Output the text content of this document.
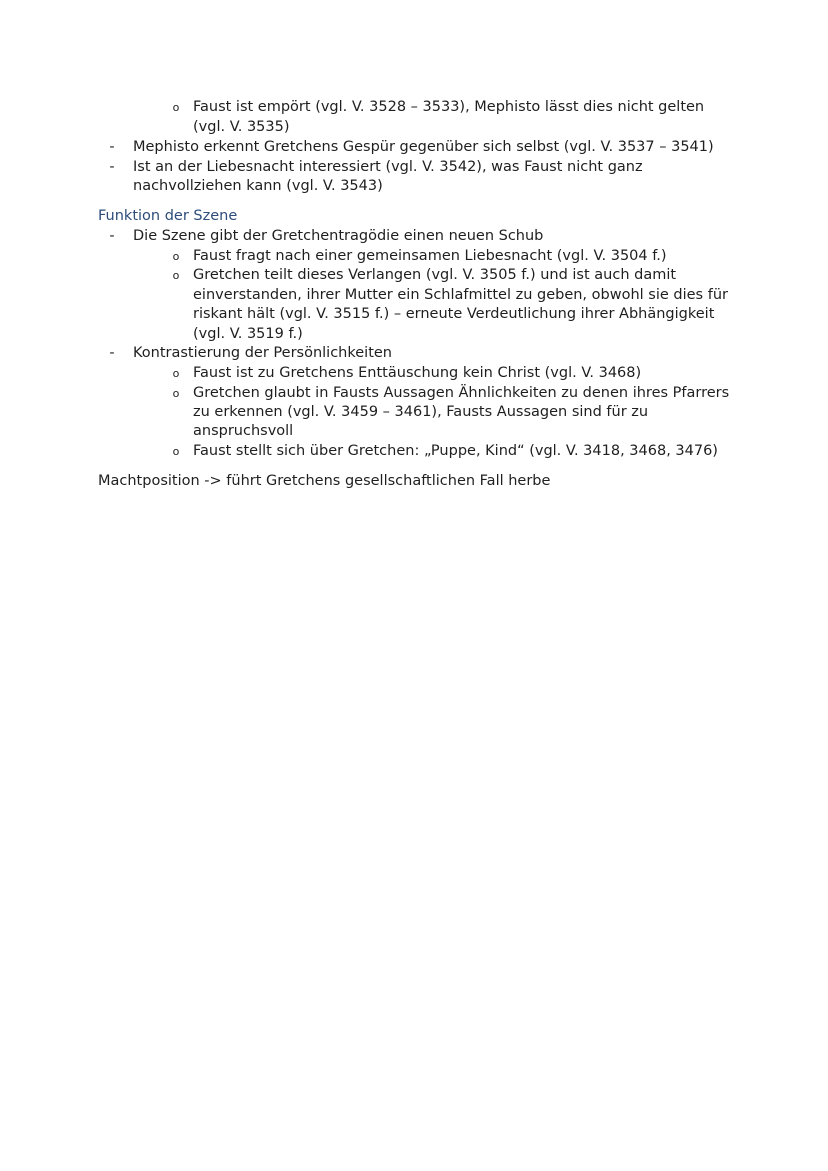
o Faust ist empört (vgl. V. 3528 – 3533), Mephisto lässt dies nicht gelten
(vgl. V. 3535)
-	Mephisto erkennt Gretchens Gespür gegenüber sich selbst (vgl. V. 3537 – 3541)
-	Ist an der Liebesnacht interessiert (vgl. V. 3542), was Faust nicht ganz
nachvollziehen kann (vgl. V. 3543)
Funktion der Szene
-	Die Szene gibt der Gretchentragödie einen neuen Schub
o Faust fragt nach einer gemeinsamen Liebesnacht (vgl. V. 3504 f.)
o Gretchen teilt dieses Verlangen (vgl. V. 3505 f.) und ist auch damit
einverstanden, ihrer Mutter ein Schlafmittel zu geben, obwohl sie dies für
riskant hält (vgl. V. 3515 f.) – erneute Verdeutlichung ihrer Abhängigkeit
(vgl. V. 3519 f.)
-	Kontrastierung der Persönlichkeiten
o Faust ist zu Gretchens Enttäuschung kein Christ (vgl. V. 3468)
o Gretchen glaubt in Fausts Aussagen Ähnlichkeiten zu denen ihres Pfarrers
zu erkennen (vgl. V. 3459 – 3461), Fausts Aussagen sind für zu
anspruchsvoll
o Faust stellt sich über Gretchen: „Puppe, Kind“ (vgl. V. 3418, 3468, 3476)
Machtposition -> führt Gretchens gesellschaftlichen Fall herbe
